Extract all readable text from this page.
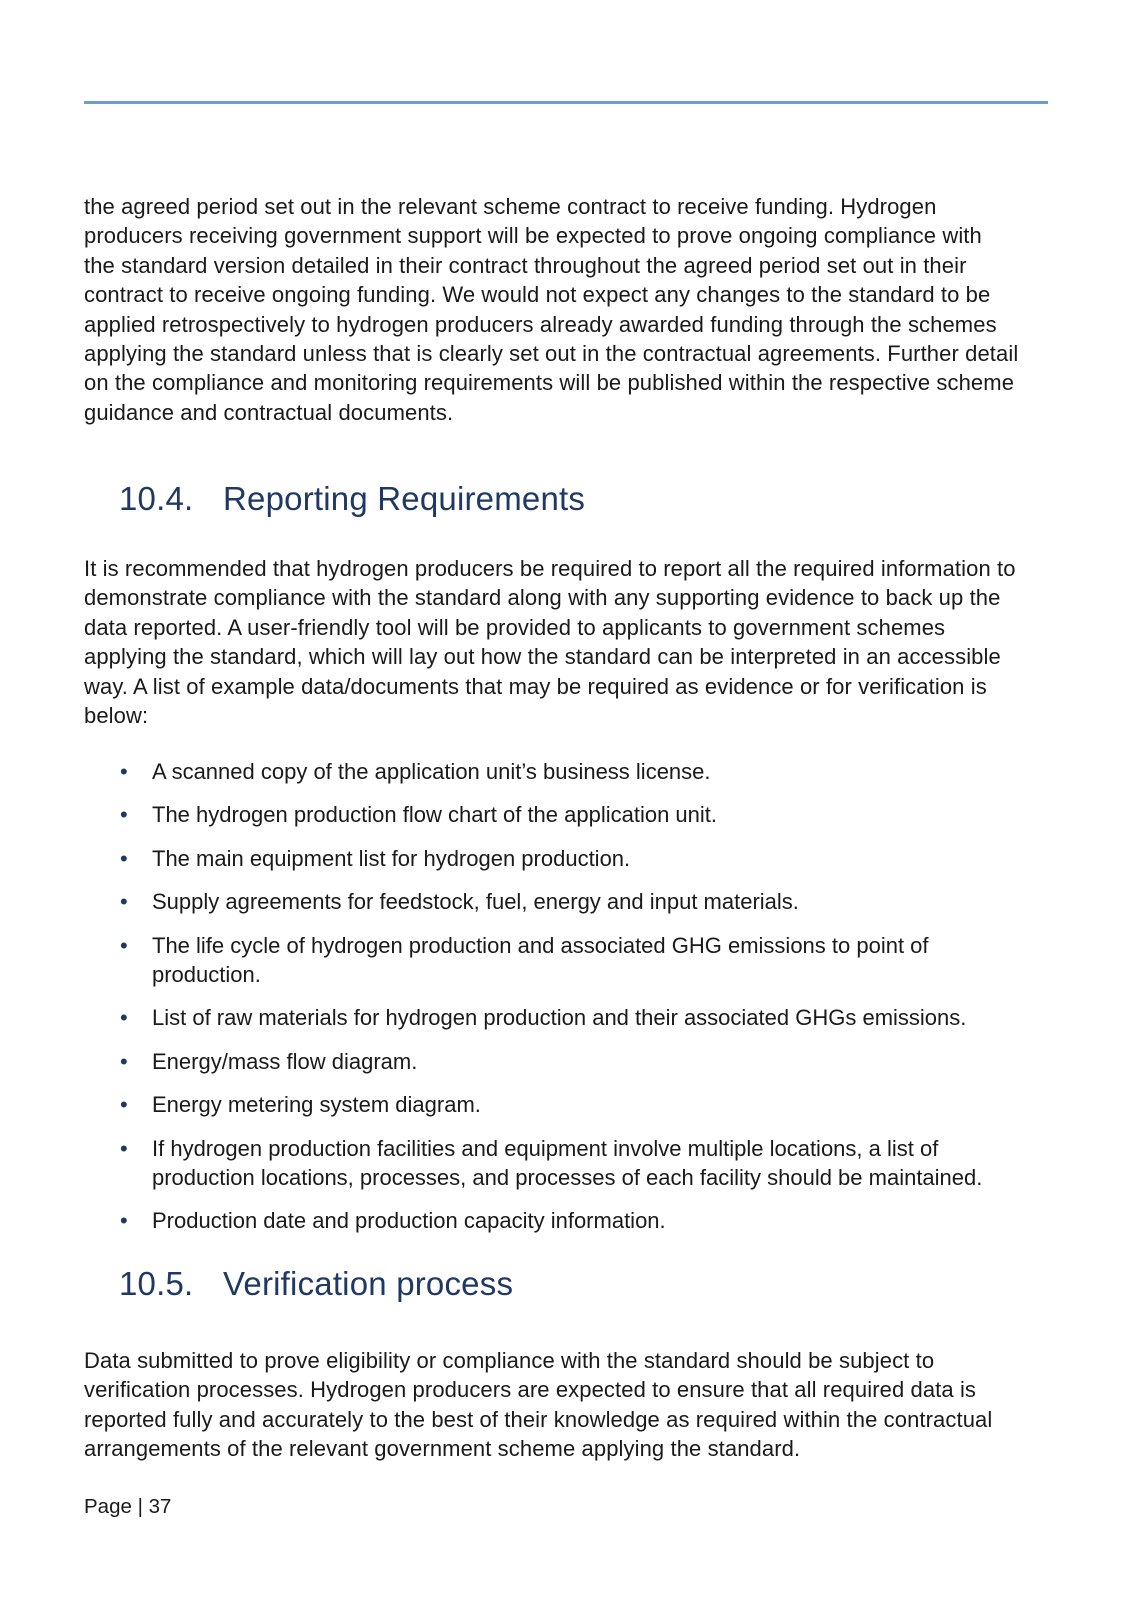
the agreed period set out in the relevant scheme contract to receive funding. Hydrogen
producers receiving government support will be expected to prove ongoing compliance with
the standard version detailed in their contract throughout the agreed period set out in their
contract to receive ongoing funding. We would not expect any changes to the standard to be
applied retrospectively to hydrogen producers already awarded funding through the schemes
applying the standard unless that is clearly set out in the contractual agreements. Further detail
on the compliance and monitoring requirements will be published within the respective scheme
guidance and contractual documents.
10.4. Reporting Requirements
It is recommended that hydrogen producers be required to report all the required information to
demonstrate compliance with the standard along with any supporting evidence to back up the
data reported. A user-friendly tool will be provided to applicants to government schemes
applying the standard, which will lay out how the standard can be interpreted in an accessible
way. A list of example data/documents that may be required as evidence or for verification is
below:
•	A scanned copy of the application unit’s business license.
•	The hydrogen production flow chart of the application unit.
•	The main equipment list for hydrogen production.
•	Supply agreements for feedstock, fuel, energy and input materials.
•	The life cycle of hydrogen production and associated GHG emissions to point of
production.
•	List of raw materials for hydrogen production and their associated GHGs emissions.
•	Energy/mass flow diagram.
•	Energy metering system diagram.
•	If hydrogen production facilities and equipment involve multiple locations, a list of
production locations, processes, and processes of each facility should be maintained.
•	Production date and production capacity information.
10.5. Verification process
Data submitted to prove eligibility or compliance with the standard should be subject to
verification processes. Hydrogen producers are expected to ensure that all required data is
reported fully and accurately to the best of their knowledge as required within the contractual
arrangements of the relevant government scheme applying the standard.
Page | 37
